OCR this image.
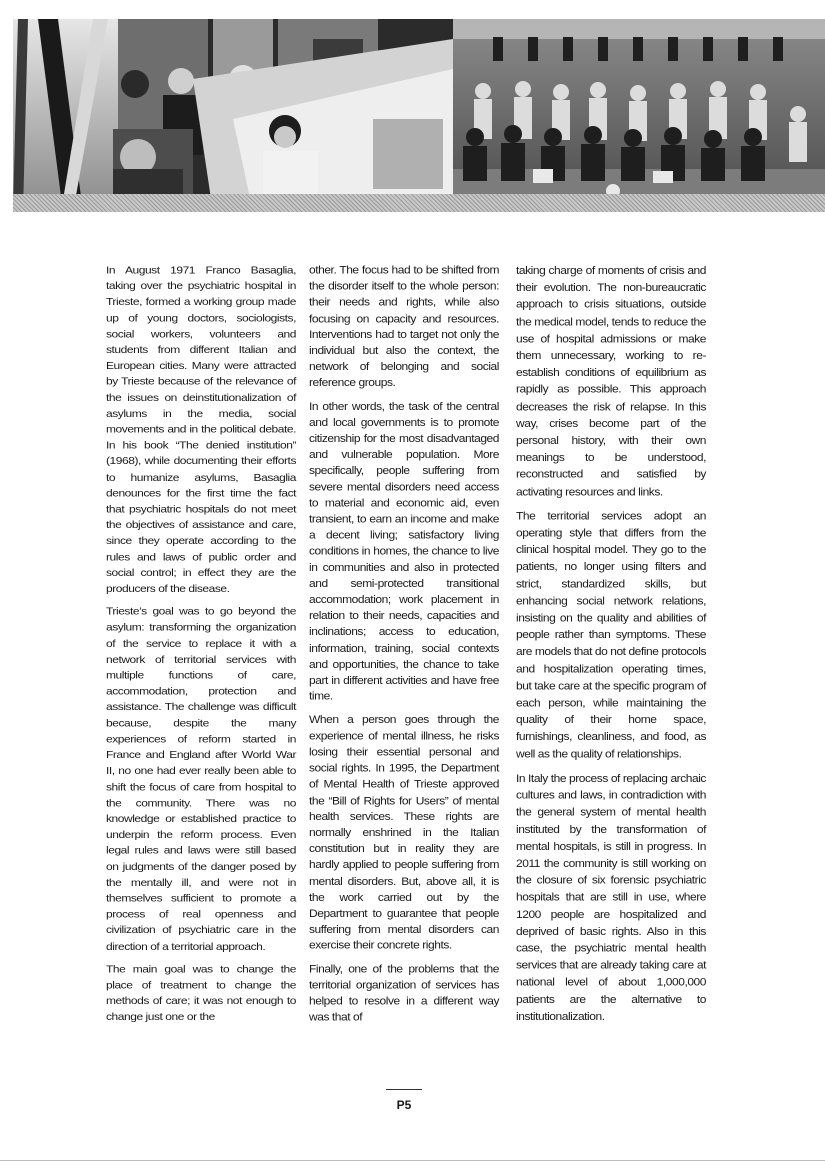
In August 1971 Franco Basaglia, taking over the psychiatric hospital in Trieste, formed a working group made up of young doctors, sociologists, social workers, volunteers and students from different Italian and European cities. Many were attracted by Trieste because of the relevance of the issues on deinstitutionalization of asylums in the media, social movements and in the political debate. In his book “The denied institution” (1968), while documenting their efforts to humanize asylums, Basaglia denounces for the first time the fact that psychiatric hospitals do not meet the objectives of assistance and care, since they operate according to the rules and laws of public order and social control; in effect they are the producers of the disease.

Trieste’s goal was to go beyond the asylum: transforming the organization of the service to replace it with a network of territorial services with multiple functions of care, accommodation, protection and assistance. The challenge was difficult because, despite the many experiences of reform started in France and England after World War II, no one had ever really been able to shift the focus of care from hospital to the community. There was no knowledge or established practice to underpin the reform process. Even legal rules and laws were still based on judgments of the danger posed by the mentally ill, and were not in themselves sufficient to promote a process of real openness and civilization of psychiatric care in the direction of a territorial approach.

The main goal was to change the place of treatment to change the methods of care; it was not enough to change just one or the

other. The focus had to be shifted from the disorder itself to the whole person: their needs and rights, while also focusing on capacity and resources. Interventions had to target not only the individual but also the context, the network of belonging and social reference groups.

In other words, the task of the central and local governments is to promote citizenship for the most disadvantaged and vulnerable population. More specifically, people suffering from severe mental disorders need access to material and economic aid, even transient, to earn an income and make a decent living; satisfactory living conditions in homes, the chance to live in communities and also in protected and semi-protected transitional accommodation; work placement in relation to their needs, capacities and inclinations; access to education, information, training, social contexts and opportunities, the chance to take part in different activities and have free time.

When a person goes through the experience of mental illness, he risks losing their essential personal and social rights. In 1995, the Department of Mental Health of Trieste approved the “Bill of Rights for Users” of mental health services. These rights are normally enshrined in the Italian constitution but in reality they are hardly applied to people suffering from mental disorders. But, above all, it is the work carried out by the Department to guarantee that people suffering from mental disorders can exercise their concrete rights.

Finally, one of the problems that the territorial organization of services has helped to resolve in a different way was that of

taking charge of moments of crisis and their evolution. The non-bureaucratic approach to crisis situations, outside the medical model, tends to reduce the use of hospital admissions or make them unnecessary, working to re-establish conditions of equilibrium as rapidly as possible. This approach decreases the risk of relapse. In this way, crises become part of the personal history, with their own meanings to be understood, reconstructed and satisfied by activating resources and links.

The territorial services adopt an operating style that differs from the clinical hospital model. They go to the patients, no longer using filters and strict, standardized skills, but enhancing social network relations, insisting on the quality and abilities of people rather than symptoms. These are models that do not define protocols and hospitalization operating times, but take care at the specific program of each person, while maintaining the quality of their home space, furnishings, cleanliness, and food, as well as the quality of relationships.

In Italy the process of replacing archaic cultures and laws, in contradiction with the general system of mental health instituted by the transformation of mental hospitals, is still in progress. In 2011 the community is still working on the closure of six forensic psychiatric hospitals that are still in use, where 1200 people are hospitalized and deprived of basic rights. Also in this case, the psychiatric mental health services that are already taking care at national level of about 1,000,000 patients are the alternative to institutionalization.

P5
